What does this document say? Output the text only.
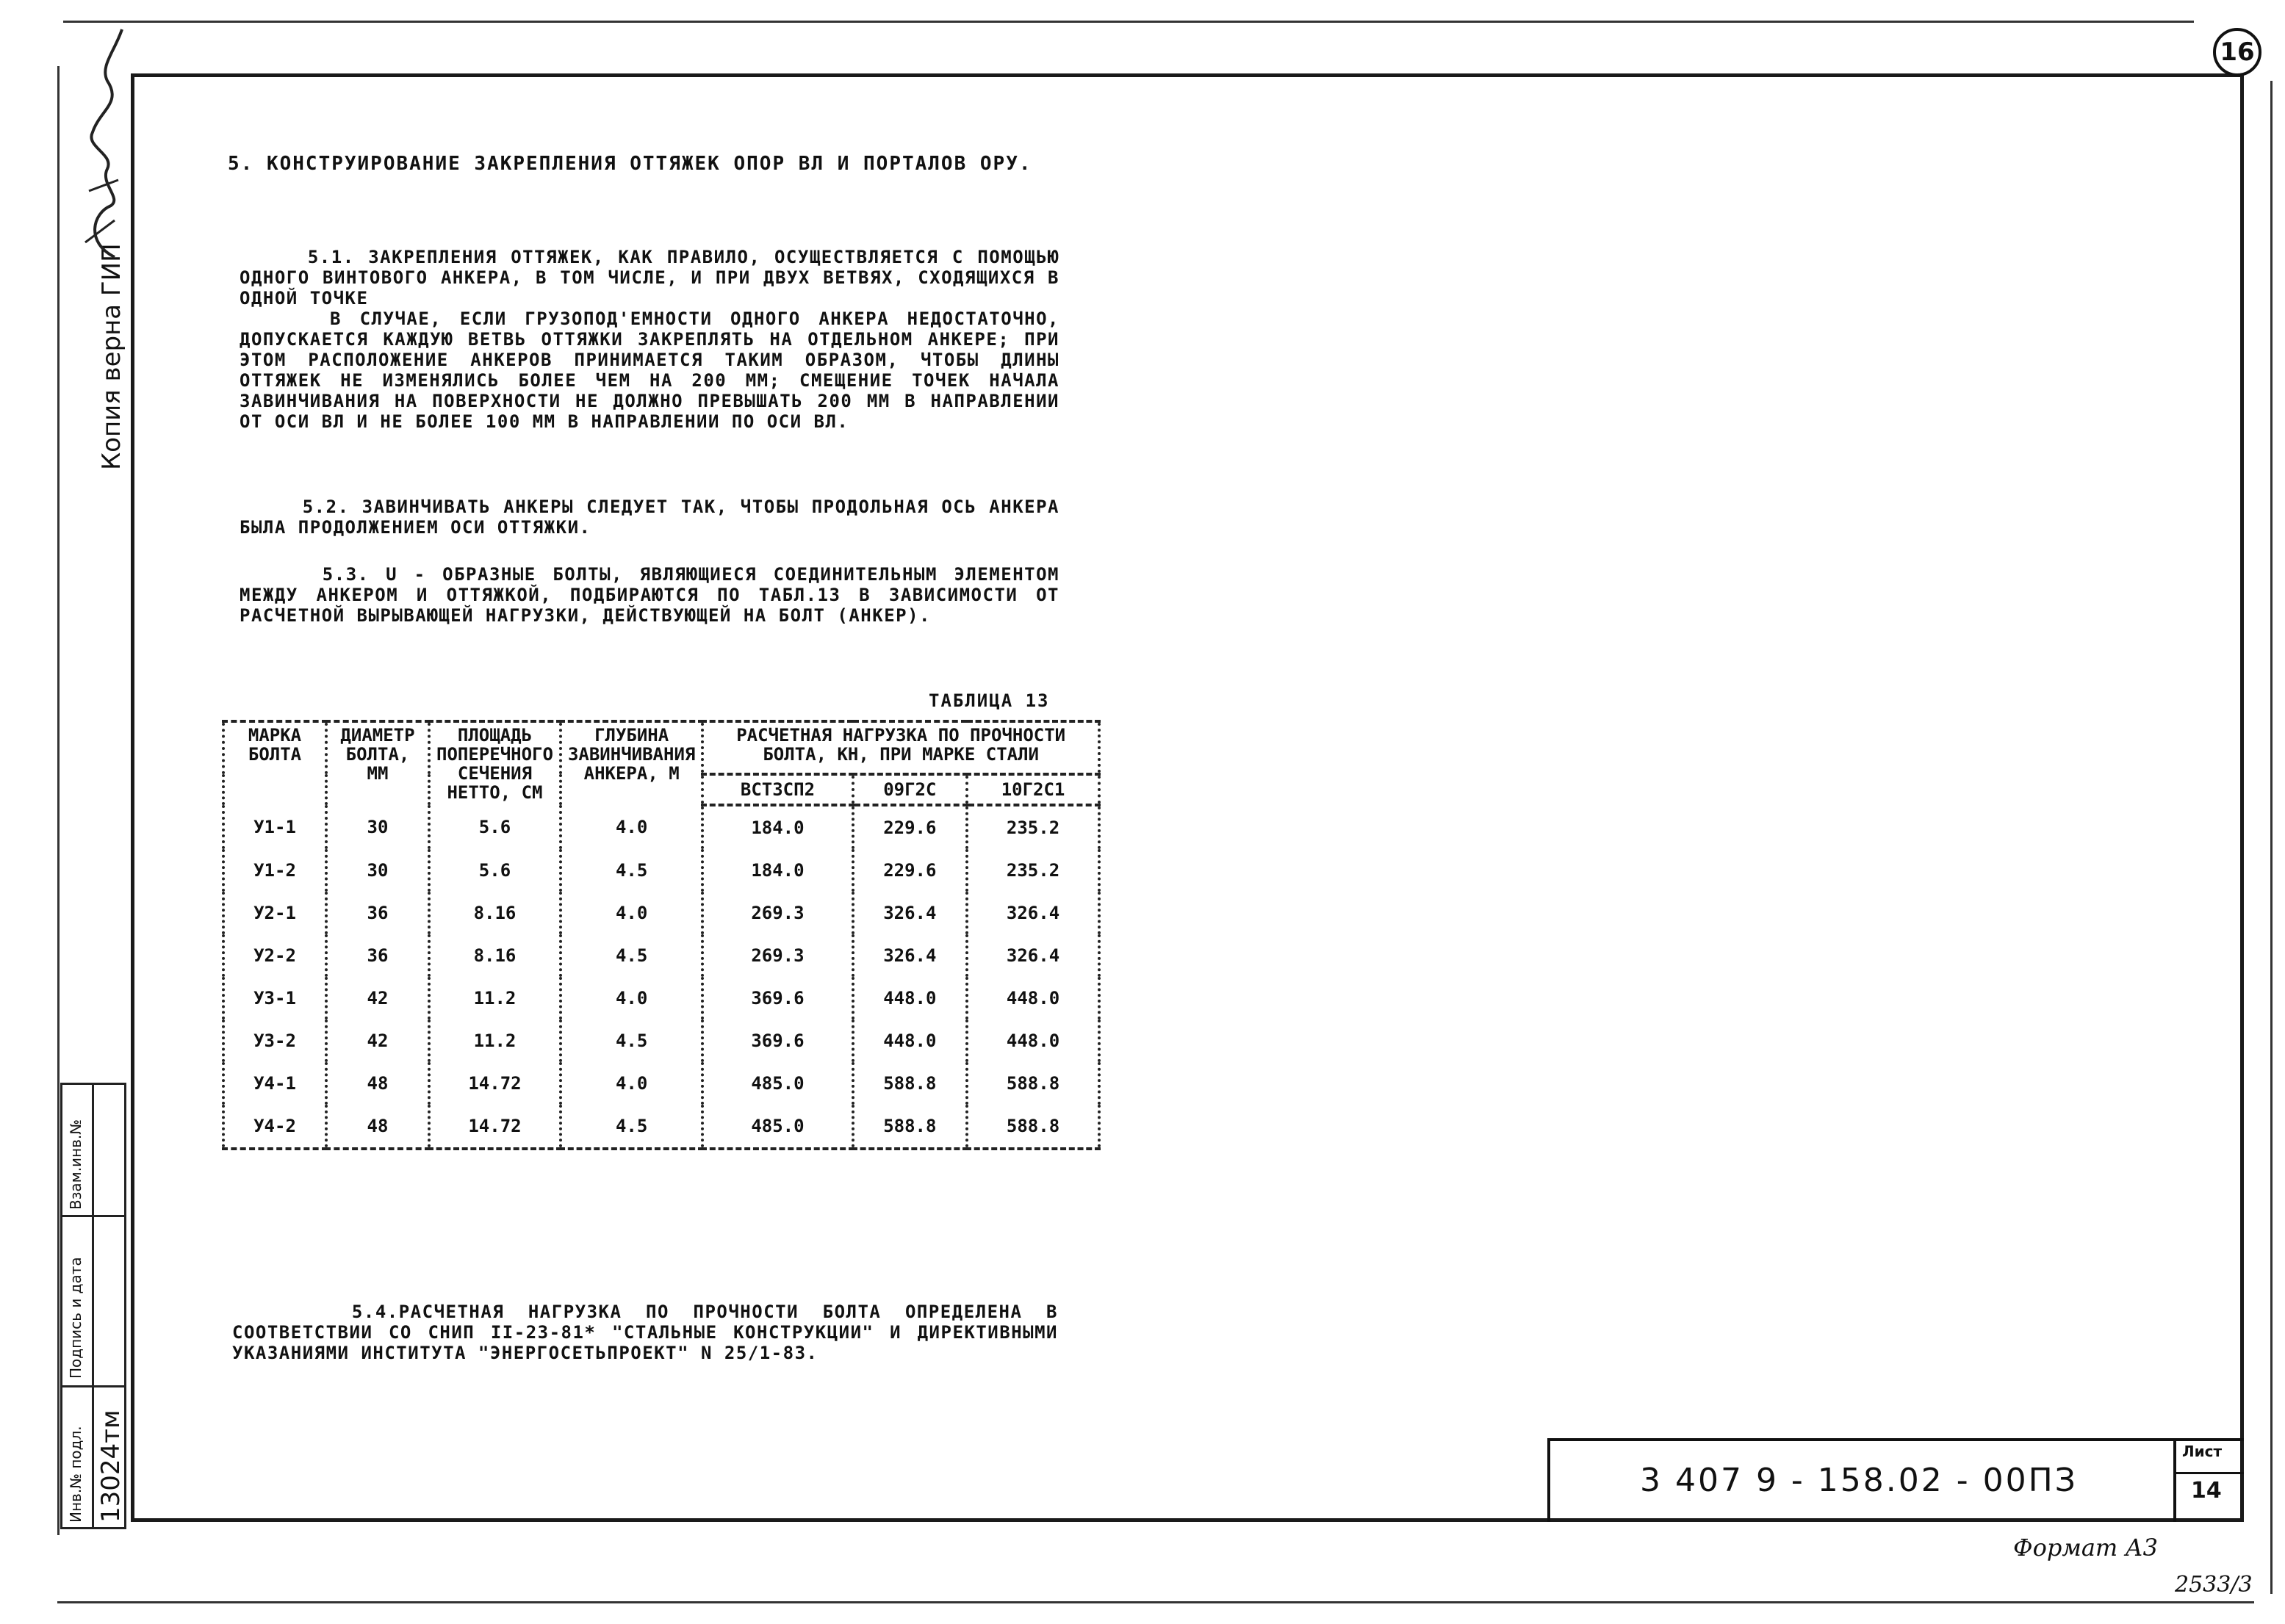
16
Копия верна ГИП
5. КОНСТРУИРОВАНИЕ ЗАКРЕПЛЕНИЯ ОТТЯЖЕК ОПОР ВЛ И ПОРТАЛОВ ОРУ.
5.1. ЗАКРЕПЛЕНИЯ ОТТЯЖЕК, КАК ПРАВИЛО, ОСУЩЕСТВЛЯЕТСЯ С ПОМОЩЬЮ ОДНОГО ВИНТОВОГО АНКЕРА, В ТОМ ЧИСЛЕ, И ПРИ ДВУХ ВЕТВЯХ, СХОДЯЩИХСЯ В ОДНОЙ ТОЧКЕ
В СЛУЧАЕ, ЕСЛИ ГРУЗОПОД'ЕМНОСТИ ОДНОГО АНКЕРА НЕДОСТАТОЧНО, ДОПУСКАЕТСЯ КАЖДУЮ ВЕТВЬ ОТТЯЖКИ ЗАКРЕПЛЯТЬ НА ОТДЕЛЬНОМ АНКЕРЕ; ПРИ ЭТОМ РАСПОЛОЖЕНИЕ АНКЕРОВ ПРИНИМАЕТСЯ ТАКИМ ОБРАЗОМ, ЧТОБЫ ДЛИНЫ ОТТЯЖЕК НЕ ИЗМЕНЯЛИСЬ БОЛЕЕ ЧЕМ НА 200 ММ; СМЕЩЕНИЕ ТОЧЕК НАЧАЛА ЗАВИНЧИВАНИЯ НА ПОВЕРХНОСТИ НЕ ДОЛЖНО ПРЕВЫШАТЬ 200 ММ В НАПРАВЛЕНИИ ОТ ОСИ ВЛ И НЕ БОЛЕЕ 100 ММ В НАПРАВЛЕНИИ ПО ОСИ ВЛ.
5.2. ЗАВИНЧИВАТЬ АНКЕРЫ СЛЕДУЕТ ТАК, ЧТОБЫ ПРОДОЛЬНАЯ ОСЬ АНКЕРА БЫЛА ПРОДОЛЖЕНИЕМ ОСИ ОТТЯЖКИ.
5.3. U - ОБРАЗНЫЕ БОЛТЫ, ЯВЛЯЮЩИЕСЯ СОЕДИНИТЕЛЬНЫМ ЭЛЕМЕНТОМ МЕЖДУ АНКЕРОМ И ОТТЯЖКОЙ, ПОДБИРАЮТСЯ ПО ТАБЛ.13 В ЗАВИСИМОСТИ ОТ РАСЧЕТНОЙ ВЫРЫВАЮЩЕЙ НАГРУЗКИ, ДЕЙСТВУЮЩЕЙ НА БОЛТ (АНКЕР).
ТАБЛИЦА 13
МАРКА БОЛТА	ДИАМЕТР БОЛТА, ММ	ПЛОЩАДЬ ПОПЕРЕЧНОГО СЕЧЕНИЯ НЕТТО, СМ	ГЛУБИНА ЗАВИНЧИВАНИЯ АНКЕРА, М	РАСЧЕТНАЯ НАГРУЗКА ПО ПРОЧНОСТИ БОЛТА, КН, ПРИ МАРКЕ СТАЛИ		
				ВСТ3СП2	09Г2С	10Г2С1
У1-1	30	5.6	4.0	184.0	229.6	235.2
У1-2	30	5.6	4.5	184.0	229.6	235.2
У2-1	36	8.16	4.0	269.3	326.4	326.4
У2-2	36	8.16	4.5	269.3	326.4	326.4
У3-1	42	11.2	4.0	369.6	448.0	448.0
У3-2	42	11.2	4.5	369.6	448.0	448.0
У4-1	48	14.72	4.0	485.0	588.8	588.8
У4-2	48	14.72	4.5	485.0	588.8	588.8
5.4.РАСЧЕТНАЯ НАГРУЗКА ПО ПРОЧНОСТИ БОЛТА ОПРЕДЕЛЕНА В СООТВЕТСТВИИ СО СНИП II-23-81* "СТАЛЬНЫЕ КОНСТРУКЦИИ" И ДИРЕКТИВНЫМИ УКАЗАНИЯМИ ИНСТИТУТА "ЭНЕРГОСЕТЬПРОЕКТ" N 25/1-83.
Взам.инв.№
Подпись и дата
Инв.№ подл. 13024тм	3 407 9 - 158.02 - 00ПЗ
Лист
14
Формат А3
2533/3
